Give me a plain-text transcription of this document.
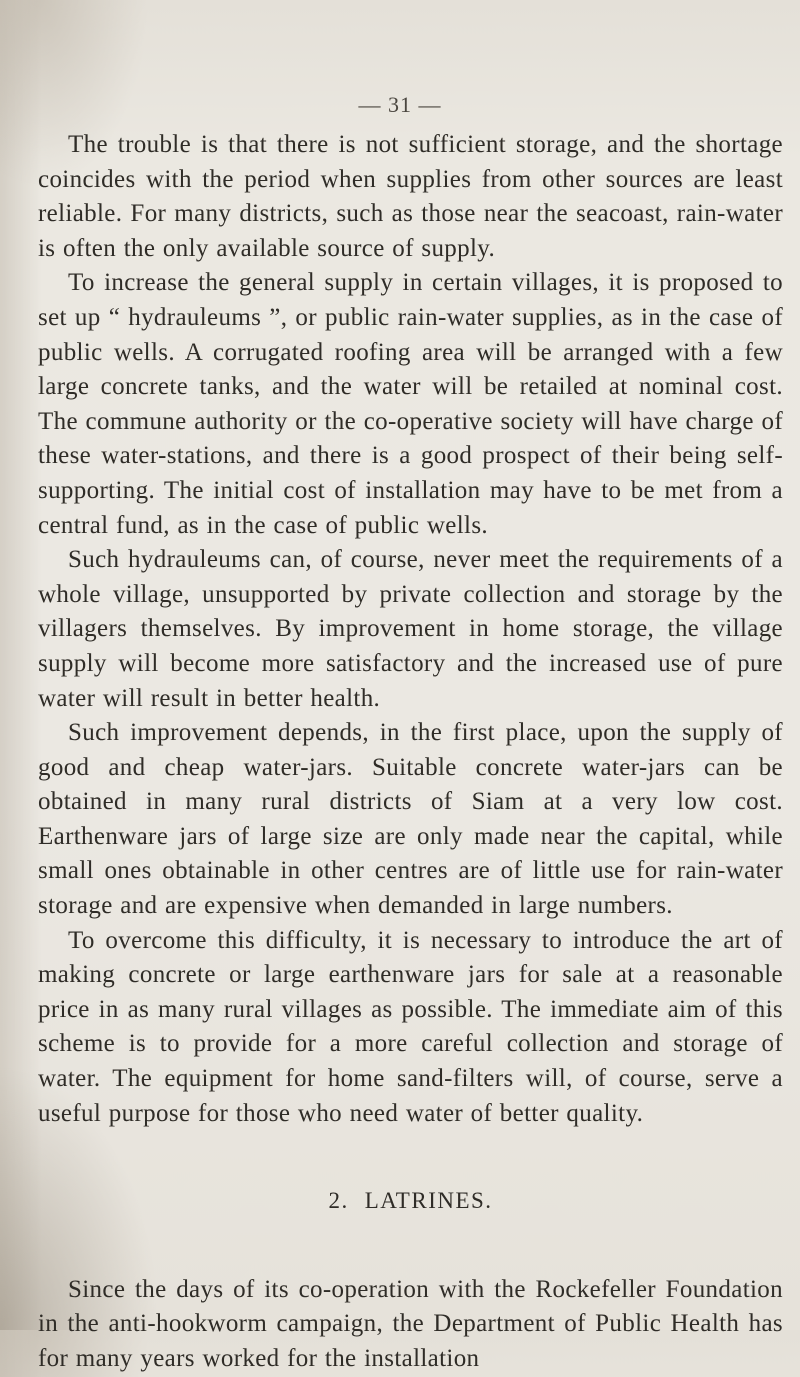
— 31 —

The trouble is that there is not sufficient storage, and the shortage coincides with the period when supplies from other sources are least reliable. For many districts, such as those near the seacoast, rain-water is often the only available source of supply.

To increase the general supply in certain villages, it is proposed to set up “ hydrauleums ”, or public rain-water supplies, as in the case of public wells. A corrugated roofing area will be arranged with a few large concrete tanks, and the water will be retailed at nominal cost. The commune authority or the co-operative society will have charge of these water-stations, and there is a good prospect of their being self-supporting. The initial cost of installation may have to be met from a central fund, as in the case of public wells.

Such hydrauleums can, of course, never meet the requirements of a whole village, unsupported by private collection and storage by the villagers themselves. By improvement in home storage, the village supply will become more satisfactory and the increased use of pure water will result in better health.

Such improvement depends, in the first place, upon the supply of good and cheap water-jars. Suitable concrete water-jars can be obtained in many rural districts of Siam at a very low cost. Earthenware jars of large size are only made near the capital, while small ones obtainable in other centres are of little use for rain-water storage and are expensive when demanded in large numbers.

To overcome this difficulty, it is necessary to introduce the art of making concrete or large earthenware jars for sale at a reasonable price in as many rural villages as possible. The immediate aim of this scheme is to provide for a more careful collection and storage of water. The equipment for home sand-filters will, of course, serve a useful purpose for those who need water of better quality.

2. LATRINES.

Since the days of its co-operation with the Rockefeller Foundation in the anti-hookworm campaign, the Department of Public Health has for many years worked for the installation
